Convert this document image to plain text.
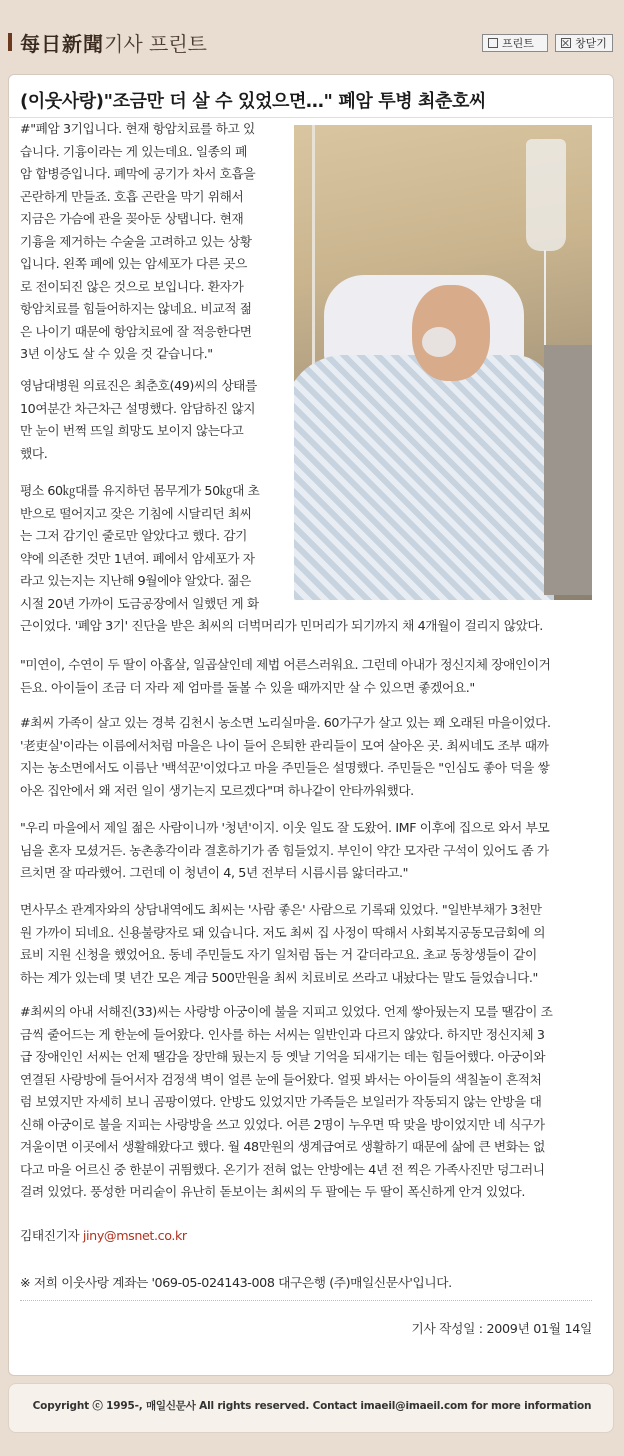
每日新聞기사 프린트	프린트	창닫기
(이웃사랑)"조금만 더 살 수 있었으면…" 폐암 투병 최춘호씨
#"폐암 3기입니다. 현재 항암치료를 하고 있
습니다. 기흉이라는 게 있는데요. 일종의 폐
암 합병증입니다. 폐막에 공기가 차서 호흡을
곤란하게 만들죠. 호흡 곤란을 막기 위해서
지금은 가슴에 관을 꽂아둔 상탭니다. 현재
기흉을 제거하는 수술을 고려하고 있는 상황
입니다. 왼쪽 폐에 있는 암세포가 다른 곳으
로 전이되진 않은 것으로 보입니다. 환자가
항암치료를 힘들어하지는 않네요. 비교적 젊
은 나이기 때문에 항암치료에 잘 적응한다면
3년 이상도 살 수 있을 것 같습니다."
영남대병원 의료진은 최춘호(49)씨의 상태를
10여분간 차근차근 설명했다. 암담하진 않지
만 눈이 번쩍 뜨일 희망도 보이지 않는다고
했다.
평소 60㎏대를 유지하던 몸무게가 50㎏대 초
반으로 떨어지고 잦은 기침에 시달리던 최씨
는 그저 감기인 줄로만 알았다고 했다. 감기
약에 의존한 것만 1년여. 폐에서 암세포가 자
라고 있는지는 지난해 9월에야 알았다. 젊은
시절 20년 가까이 도금공장에서 일했던 게 화
근이었다. '폐암 3기' 진단을 받은 최씨의 더벅머리가 민머리가 되기까지 채 4개월이 걸리지 않았다.
"미연이, 수연이 두 딸이 아홉살, 일곱살인데 제법 어른스러워요. 그런데 아내가 정신지체 장애인이거
든요. 아이들이 조금 더 자라 제 엄마를 돌볼 수 있을 때까지만 살 수 있으면 좋겠어요."
#최씨 가족이 살고 있는 경북 김천시 농소면 노리실마을. 60가구가 살고 있는 꽤 오래된 마을이었다.
'老吏실'이라는 이름에서처럼 마을은 나이 들어 은퇴한 관리들이 모여 살아온 곳. 최씨네도 조부 때까
지는 농소면에서도 이름난 '백석꾼'이었다고 마을 주민들은 설명했다. 주민들은 "인심도 좋아 덕을 쌓
아온 집안에서 왜 저런 일이 생기는지 모르겠다"며 하나같이 안타까워했다.
"우리 마을에서 제일 젊은 사람이니까 '청년'이지. 이웃 일도 잘 도왔어. IMF 이후에 집으로 와서 부모
님을 혼자 모셨거든. 농촌총각이라 결혼하기가 좀 힘들었지. 부인이 약간 모자란 구석이 있어도 좀 가
르치면 잘 따라했어. 그런데 이 청년이 4, 5년 전부터 시름시름 앓더라고."
면사무소 관계자와의 상담내역에도 최씨는 '사람 좋은' 사람으로 기록돼 있었다. "일반부채가 3천만
원 가까이 되네요. 신용불량자로 돼 있습니다. 저도 최씨 집 사정이 딱해서 사회복지공동모금회에 의
료비 지원 신청을 했었어요. 동네 주민들도 자기 일처럼 돕는 거 같더라고요. 초교 동창생들이 같이
하는 계가 있는데 몇 년간 모은 계금 500만원을 최씨 치료비로 쓰라고 내놨다는 말도 들었습니다."
#최씨의 아내 서해진(33)씨는 사랑방 아궁이에 불을 지피고 있었다. 언제 쌓아뒀는지 모를 땔감이 조
금씩 줄어드는 게 한눈에 들어왔다. 인사를 하는 서씨는 일반인과 다르지 않았다. 하지만 정신지체 3
급 장애인인 서씨는 언제 땔감을 장만해 뒀는지 등 옛날 기억을 되새기는 데는 힘들어했다. 아궁이와
연결된 사랑방에 들어서자 검정색 벽이 얼른 눈에 들어왔다. 얼핏 봐서는 아이들의 색칠놀이 흔적처
럼 보였지만 자세히 보니 곰팡이였다. 안방도 있었지만 가족들은 보일러가 작동되지 않는 안방을 대
신해 아궁이로 불을 지피는 사랑방을 쓰고 있었다. 어른 2명이 누우면 딱 맞을 방이었지만 네 식구가
겨울이면 이곳에서 생활해왔다고 했다. 월 48만원의 생계급여로 생활하기 때문에 삶에 큰 변화는 없
다고 마을 어르신 중 한분이 귀띔했다. 온기가 전혀 없는 안방에는 4년 전 찍은 가족사진만 덩그러니
걸려 있었다. 풍성한 머리숱이 유난히 돋보이는 최씨의 두 팔에는 두 딸이 폭신하게 안겨 있었다.
김태진기자 jiny@msnet.co.kr
※ 저희 이웃사랑 계좌는 '069-05-024143-008 대구은행 (주)매일신문사'입니다.
기사 작성일 : 2009년 01월 14일
Copyright ⓒ 1995-, 매일신문사 All rights reserved. Contact imaeil@imaeil.com for more information
